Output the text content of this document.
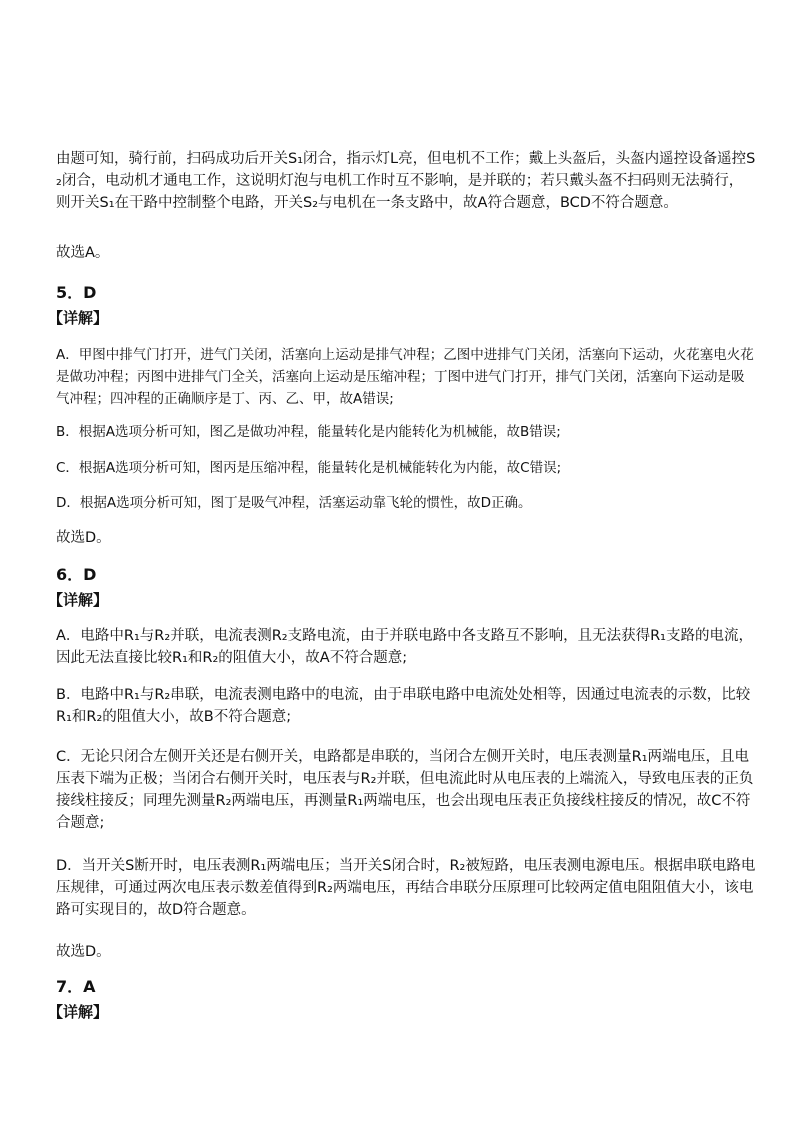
由题可知，骑行前，扫码成功后开关S₁闭合，指示灯L亮，但电机不工作；戴上头盔后，头盔内遥控设备遥控S₂闭合，电动机才通电工作，这说明灯泡与电机工作时互不影响，是并联的；若只戴头盔不扫码则无法骑行，则开关S₁在干路中控制整个电路，开关S₂与电机在一条支路中，故A符合题意，BCD不符合题意。
故选A。
5．D
【详解】
A．甲图中排气门打开，进气门关闭，活塞向上运动是排气冲程；乙图中进排气门关闭，活塞向下运动，火花塞电火花是做功冲程；丙图中进排气门全关，活塞向上运动是压缩冲程；丁图中进气门打开，排气门关闭，活塞向下运动是吸气冲程；四冲程的正确顺序是丁、丙、乙、甲，故A错误;
B．根据A选项分析可知，图乙是做功冲程，能量转化是内能转化为机械能，故B错误;
C．根据A选项分析可知，图丙是压缩冲程，能量转化是机械能转化为内能，故C错误;
D．根据A选项分析可知，图丁是吸气冲程，活塞运动靠飞轮的惯性，故D正确。
故选D。
6．D
【详解】
A．电路中R₁与R₂并联，电流表测R₂支路电流，由于并联电路中各支路互不影响，且无法获得R₁支路的电流，因此无法直接比较R₁和R₂的阻值大小，故A不符合题意;
B．电路中R₁与R₂串联，电流表测电路中的电流，由于串联电路中电流处处相等，因通过电流表的示数，比较R₁和R₂的阻值大小，故B不符合题意;
C．无论只闭合左侧开关还是右侧开关，电路都是串联的，当闭合左侧开关时，电压表测量R₁两端电压，且电压表下端为正极；当闭合右侧开关时，电压表与R₂并联，但电流此时从电压表的上端流入，导致电压表的正负接线柱接反；同理先测量R₂两端电压，再测量R₁两端电压，也会出现电压表正负接线柱接反的情况，故C不符合题意;
D．当开关S断开时，电压表测R₁两端电压；当开关S闭合时，R₂被短路，电压表测电源电压。根据串联电路电压规律，可通过两次电压表示数差值得到R₂两端电压，再结合串联分压原理可比较两定值电阻阻值大小，该电路可实现目的，故D符合题意。
故选D。
7．A
【详解】
